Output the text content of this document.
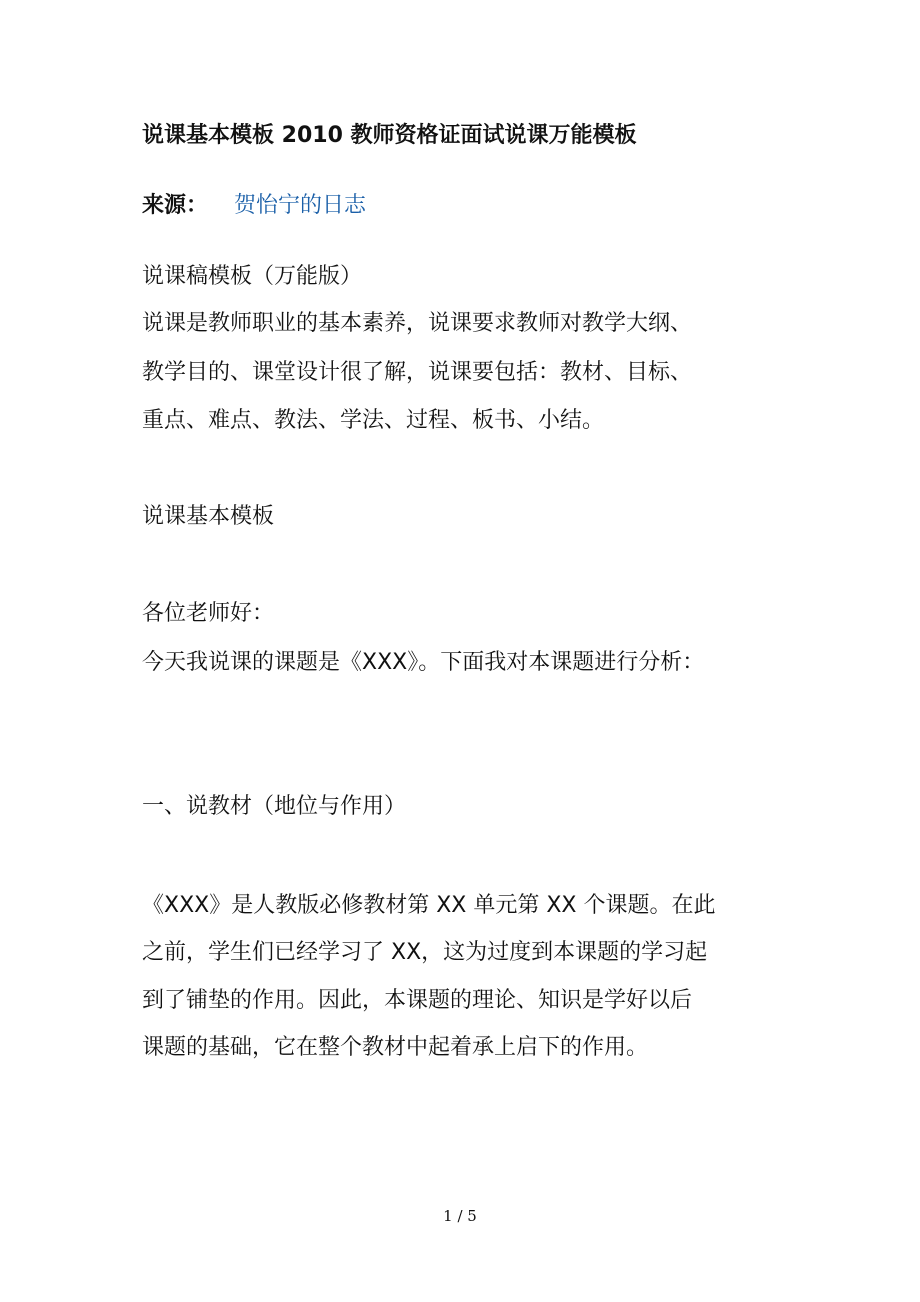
说课基本模板 2010 教师资格证面试说课万能模板
来源： 贺怡宁的日志
说课稿模板（万能版）
说课是教师职业的基本素养，说课要求教师对教学大纲、
教学目的、课堂设计很了解，说课要包括：教材、目标、
重点、难点、教法、学法、过程、板书、小结。
说课基本模板
各位老师好：
今天我说课的课题是《XXX》。下面我对本课题进行分析：
一、说教材（地位与作用）
《XXX》是人教版必修教材第 XX 单元第 XX 个课题。在此
之前，学生们已经学习了 XX，这为过度到本课题的学习起
到了铺垫的作用。因此，本课题的理论、知识是学好以后
课题的基础，它在整个教材中起着承上启下的作用。
1 / 5
